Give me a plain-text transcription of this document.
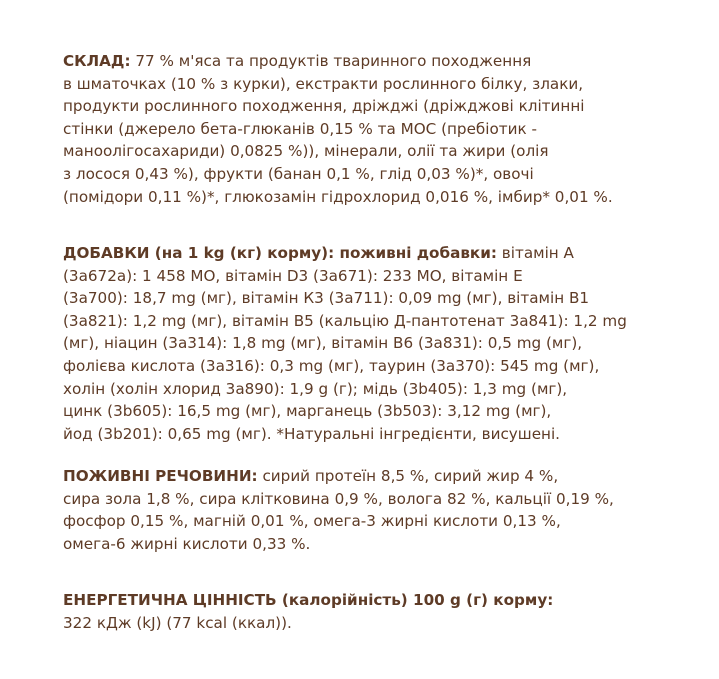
СКЛАД: 77 % м'яса та продуктів тваринного походження
в шматочках (10 % з курки), екстракти рослинного білку, злаки,
продукти рослинного походження, дріжджі (дріжджові клітинні
стінки (джерело бета-глюканів 0,15 % та МОС (пребіотик -
маноолігосахариди) 0,0825 %)), мінерали, олії та жири (олія
з лосося 0,43 %), фрукти (банан 0,1 %, глід 0,03 %)*, овочі
(помідори 0,11 %)*, глюкозамін гідрохлорид 0,016 %, імбир* 0,01 %.
ДОБАВКИ (на 1 kg (кг) корму): поживні добавки: вітамін А
(3а672а): 1 458 МО, вітамін D3 (3а671): 233 МО, вітамін Е
(3а700): 18,7 mg (мг), вітамін К3 (3а711): 0,09 mg (мг), вітамін В1
(3а821): 1,2 mg (мг), вітамін В5 (кальцію Д-пантотенат 3а841): 1,2 mg
(мг), ніацин (3а314): 1,8 mg (мг), вітамін В6 (3а831): 0,5 mg (мг),
фолієва кислота (3а316): 0,3 mg (мг), таурин (3а370): 545 mg (мг),
холін (холін хлорид 3а890): 1,9 g (г); мідь (3b405): 1,3 mg (мг),
цинк (3b605): 16,5 mg (мг), марганець (3b503): 3,12 mg (мг),
йод (3b201): 0,65 mg (мг). *Натуральні інгредієнти, висушені.
ПОЖИВНІ РЕЧОВИНИ: сирий протеїн 8,5 %, сирий жир 4 %,
сира зола 1,8 %, сира клітковина 0,9 %, волога 82 %, кальції 0,19 %,
фосфор 0,15 %, магній 0,01 %, омега-3 жирні кислоти 0,13 %,
омега-6 жирні кислоти 0,33 %.
ЕНЕРГЕТИЧНА ЦІННІСТЬ (калорійність) 100 g (г) корму:
322 кДж (kJ) (77 kcal (ккал)).
